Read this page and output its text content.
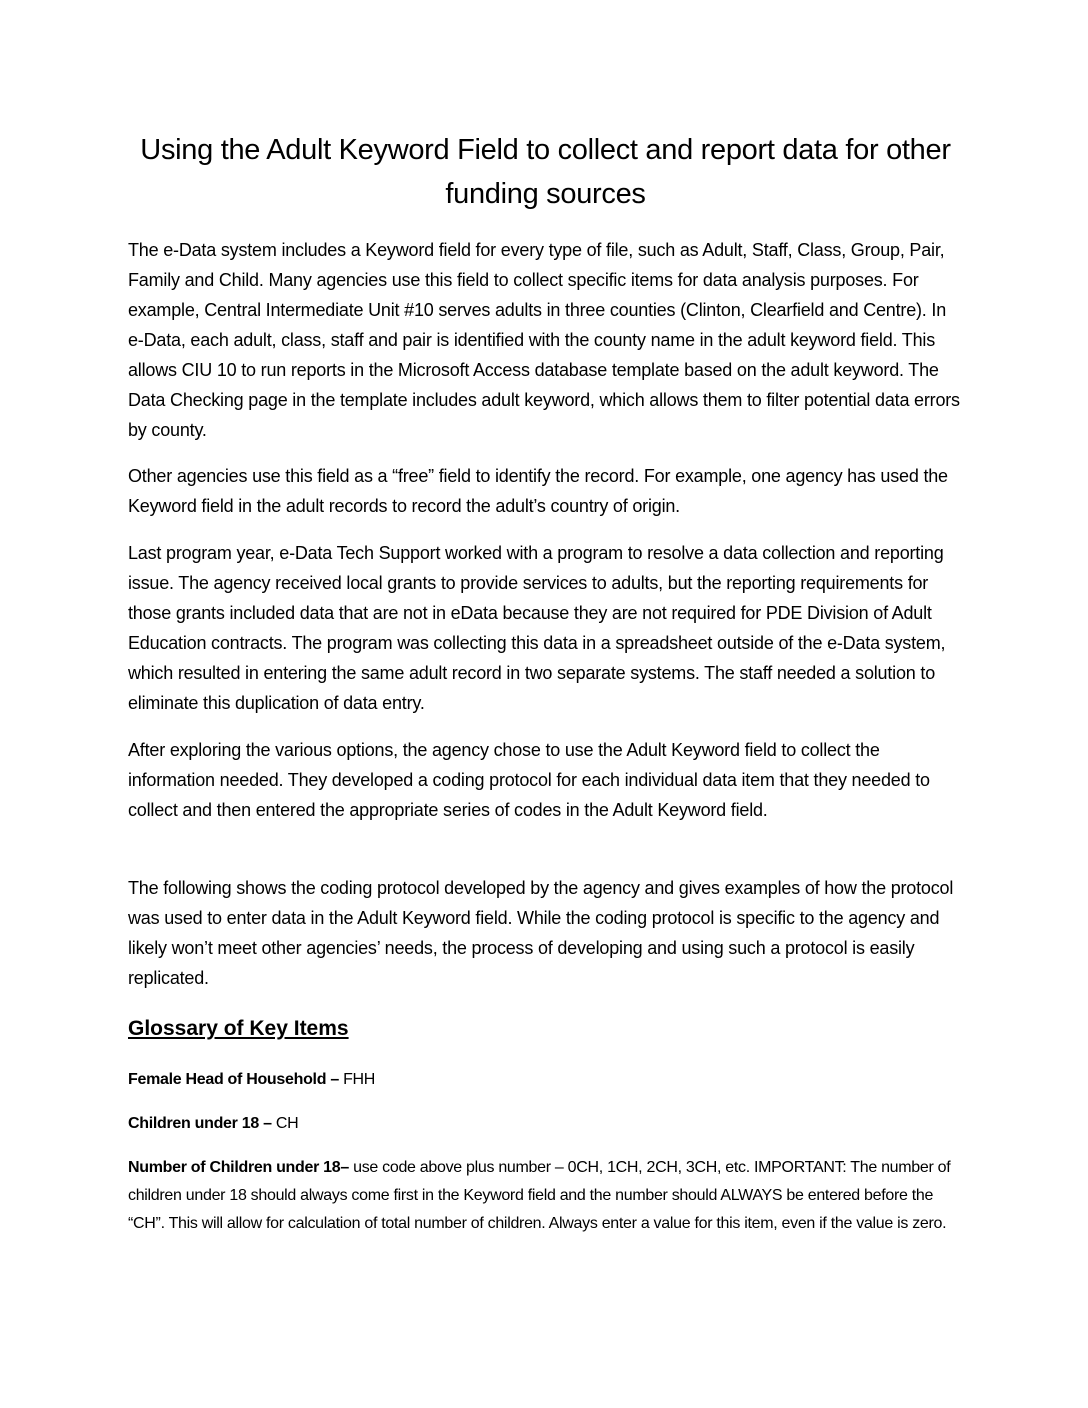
Using the Adult Keyword Field to collect and report data for other funding sources

The e-Data system includes a Keyword field for every type of file, such as Adult, Staff, Class, Group, Pair, Family and Child. Many agencies use this field to collect specific items for data analysis purposes. For example, Central Intermediate Unit #10 serves adults in three counties (Clinton, Clearfield and Centre). In e-Data, each adult, class, staff and pair is identified with the county name in the adult keyword field. This allows CIU 10 to run reports in the Microsoft Access database template based on the adult keyword. The Data Checking page in the template includes adult keyword, which allows them to filter potential data errors by county.

Other agencies use this field as a “free” field to identify the record. For example, one agency has used the Keyword field in the adult records to record the adult’s country of origin.

Last program year, e-Data Tech Support worked with a program to resolve a data collection and reporting issue. The agency received local grants to provide services to adults, but the reporting requirements for those grants included data that are not in eData because they are not required for PDE Division of Adult Education contracts. The program was collecting this data in a spreadsheet outside of the e-Data system, which resulted in entering the same adult record in two separate systems. The staff needed a solution to eliminate this duplication of data entry.

After exploring the various options, the agency chose to use the Adult Keyword field to collect the information needed. They developed a coding protocol for each individual data item that they needed to collect and then entered the appropriate series of codes in the Adult Keyword field.

The following shows the coding protocol developed by the agency and gives examples of how the protocol was used to enter data in the Adult Keyword field. While the coding protocol is specific to the agency and likely won’t meet other agencies’ needs, the process of developing and using such a protocol is easily replicated.

Glossary of Key Items

Female Head of Household – FHH

Children under 18 – CH

Number of Children under 18– use code above plus number – 0CH, 1CH, 2CH, 3CH, etc. IMPORTANT: The number of children under 18 should always come first in the Keyword field and the number should ALWAYS be entered before the “CH”. This will allow for calculation of total number of children. Always enter a value for this item, even if the value is zero.
